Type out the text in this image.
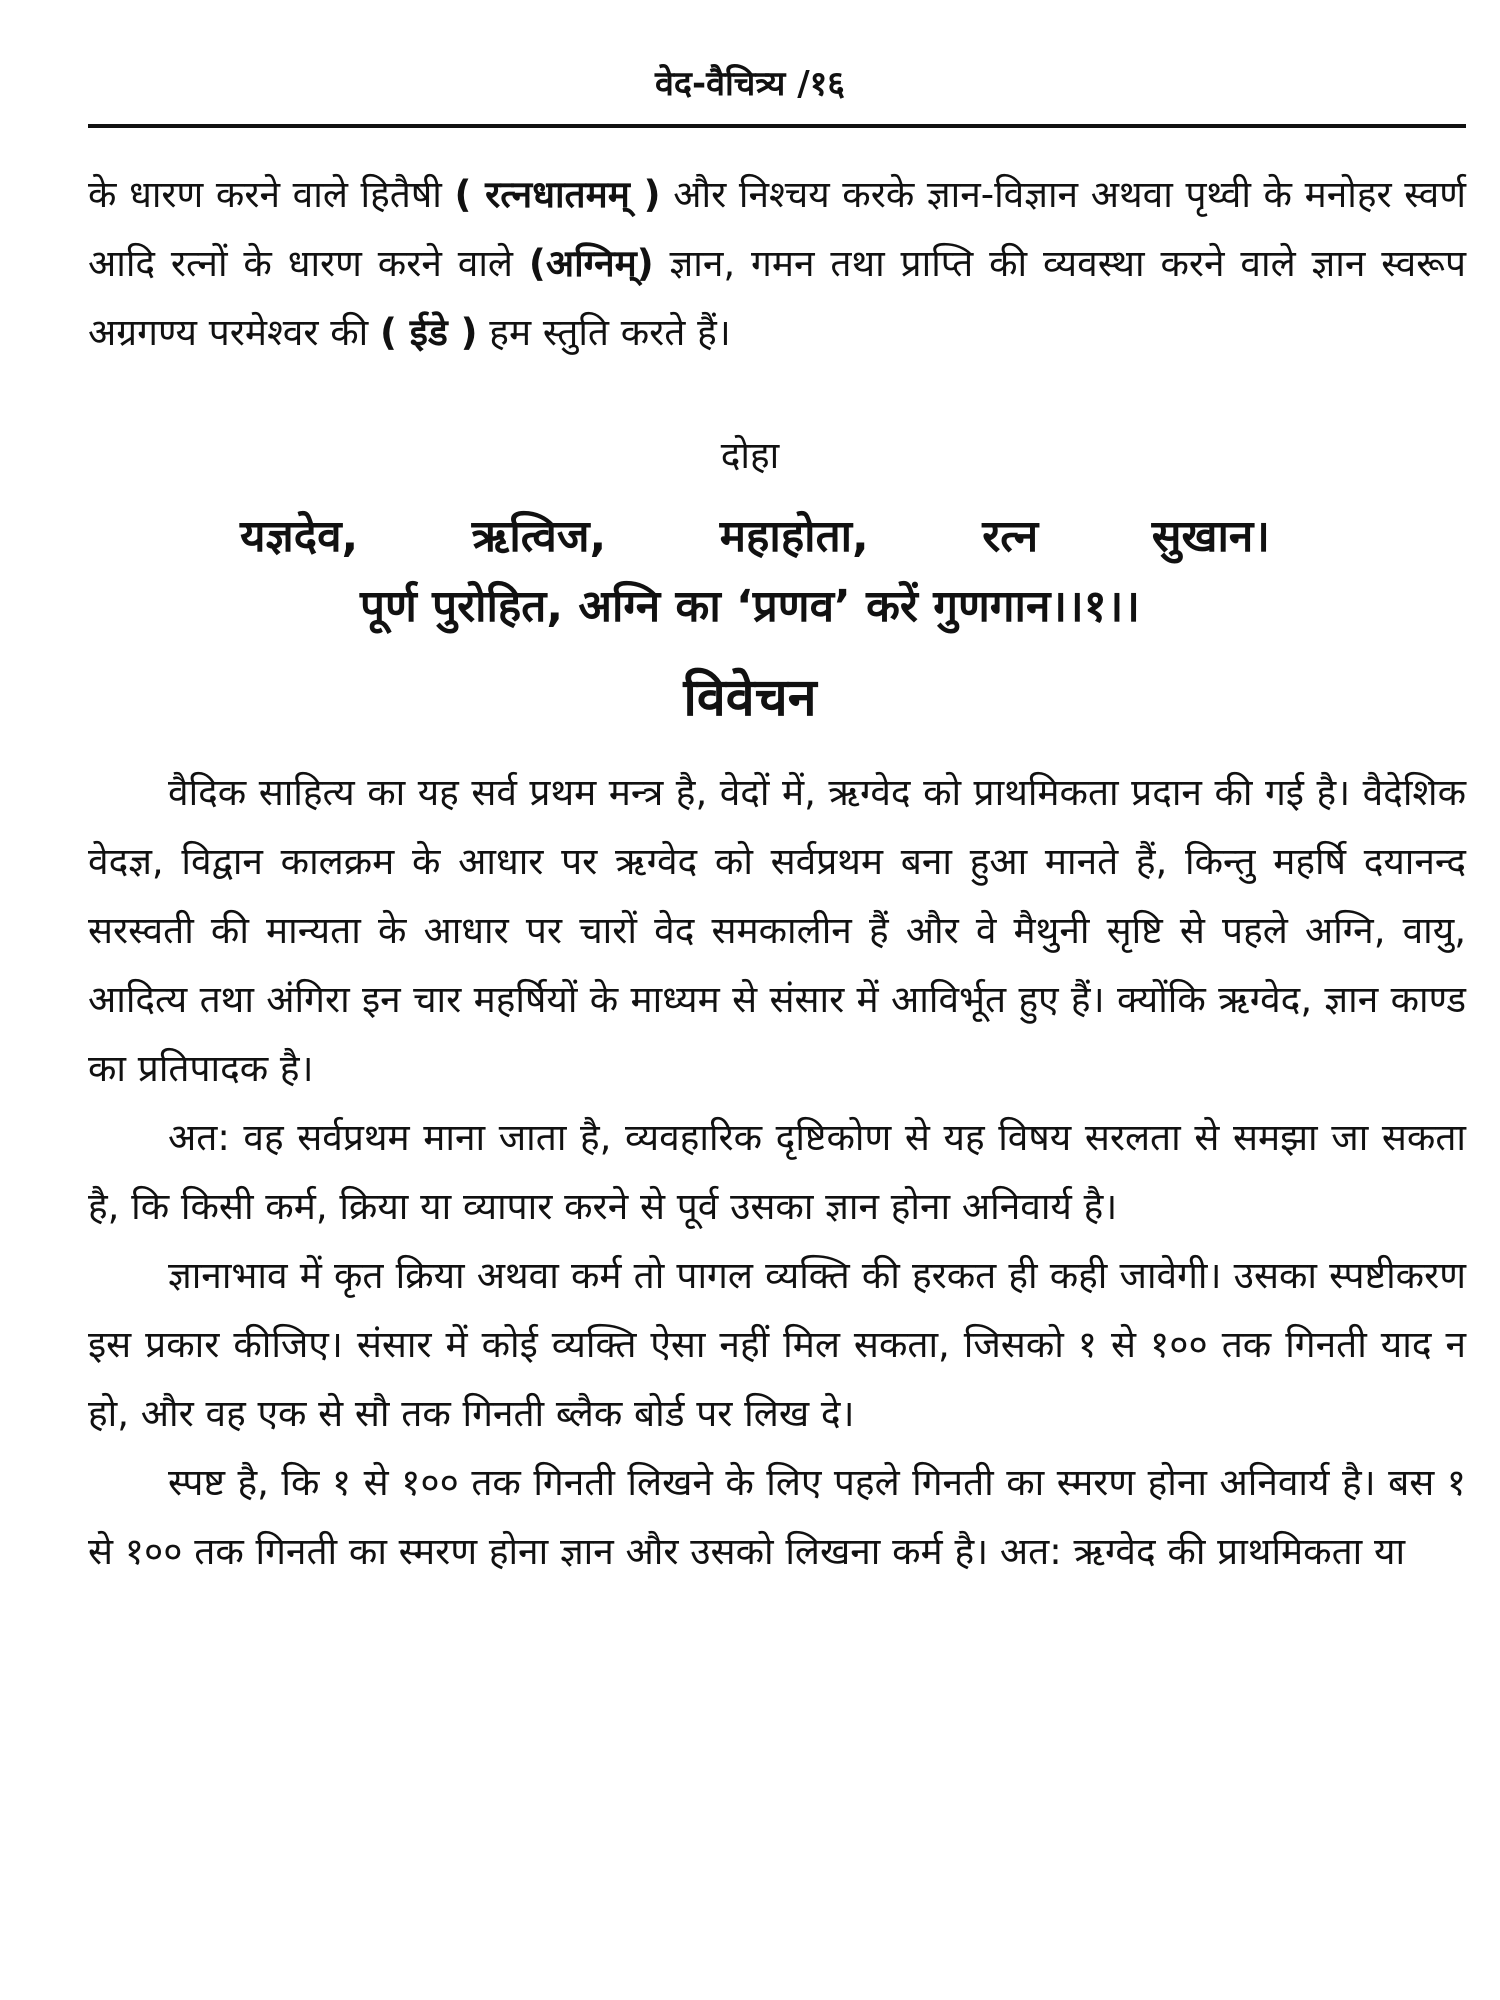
वेद-वैचित्र्य /१६
के धारण करने वाले हितैषी ( रत्नधातमम् ) और निश्चय करके ज्ञान-विज्ञान अथवा पृथ्वी के मनोहर स्वर्ण आदि रत्नों के धारण करने वाले (अग्निम्) ज्ञान, गमन तथा प्राप्ति की व्यवस्था करने वाले ज्ञान स्वरूप अग्रगण्य परमेश्वर की ( ईडे ) हम स्तुति करते हैं।
दोहा
यज्ञदेव, ऋत्विज, महाहोता, रत्न सुखान।
पूर्ण पुरोहित, अग्नि का ‘प्रणव’ करें गुणगान।।१।।
विवेचन

वैदिक साहित्य का यह सर्व प्रथम मन्त्र है, वेदों में, ऋग्वेद को प्राथमिकता प्रदान की गई है। वैदेशिक वेदज्ञ, विद्वान कालक्रम के आधार पर ऋग्वेद को सर्वप्रथम बना हुआ मानते हैं, किन्तु महर्षि दयानन्द सरस्वती की मान्यता के आधार पर चारों वेद समकालीन हैं और वे मैथुनी सृष्टि से पहले अग्नि, वायु, आदित्य तथा अंगिरा इन चार महर्षियों के माध्यम से संसार में आविर्भूत हुए हैं। क्योंकि ऋग्वेद, ज्ञान काण्ड का प्रतिपादक है।

अत: वह सर्वप्रथम माना जाता है, व्यवहारिक दृष्टिकोण से यह विषय सरलता से समझा जा सकता है, कि किसी कर्म, क्रिया या व्यापार करने से पूर्व उसका ज्ञान होना अनिवार्य है।

ज्ञानाभाव में कृत क्रिया अथवा कर्म तो पागल व्यक्ति की हरकत ही कही जावेगी। उसका स्पष्टीकरण इस प्रकार कीजिए। संसार में कोई व्यक्ति ऐसा नहीं मिल सकता, जिसको १ से १०० तक गिनती याद न हो, और वह एक से सौ तक गिनती ब्लैक बोर्ड पर लिख दे।

स्पष्ट है, कि १ से १०० तक गिनती लिखने के लिए पहले गिनती का स्मरण होना अनिवार्य है। बस १ से १०० तक गिनती का स्मरण होना ज्ञान और उसको लिखना कर्म है। अत: ऋग्वेद की प्राथमिकता या
